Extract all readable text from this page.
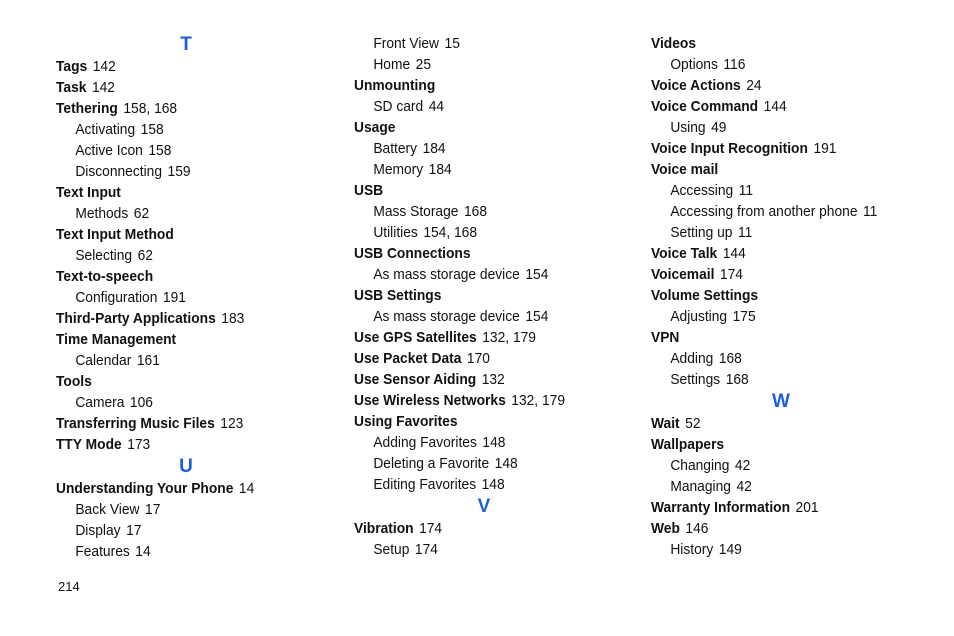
T
Tags 142
Task 142
Tethering 158, 168
Activating 158
Active Icon 158
Disconnecting 159
Text Input
Methods 62
Text Input Method
Selecting 62
Text-to-speech
Configuration 191
Third-Party Applications 183
Time Management
Calendar 161
Tools
Camera 106
Transferring Music Files 123
TTY Mode 173
U
Understanding Your Phone 14
Back View 17
Display 17
Features 14
Front View 15
Home 25
Unmounting
SD card 44
Usage
Battery 184
Memory 184
USB
Mass Storage 168
Utilities 154, 168
USB Connections
As mass storage device 154
USB Settings
As mass storage device 154
Use GPS Satellites 132, 179
Use Packet Data 170
Use Sensor Aiding 132
Use Wireless Networks 132, 179
Using Favorites
Adding Favorites 148
Deleting a Favorite 148
Editing Favorites 148
V
Vibration 174
Setup 174
Videos
Options 116
Voice Actions 24
Voice Command 144
Using 49
Voice Input Recognition 191
Voice mail
Accessing 11
Accessing from another phone 11
Setting up 11
Voice Talk 144
Voicemail 174
Volume Settings
Adjusting 175
VPN
Adding 168
Settings 168
W
Wait 52
Wallpapers
Changing 42
Managing 42
Warranty Information 201
Web 146
History 149
214
